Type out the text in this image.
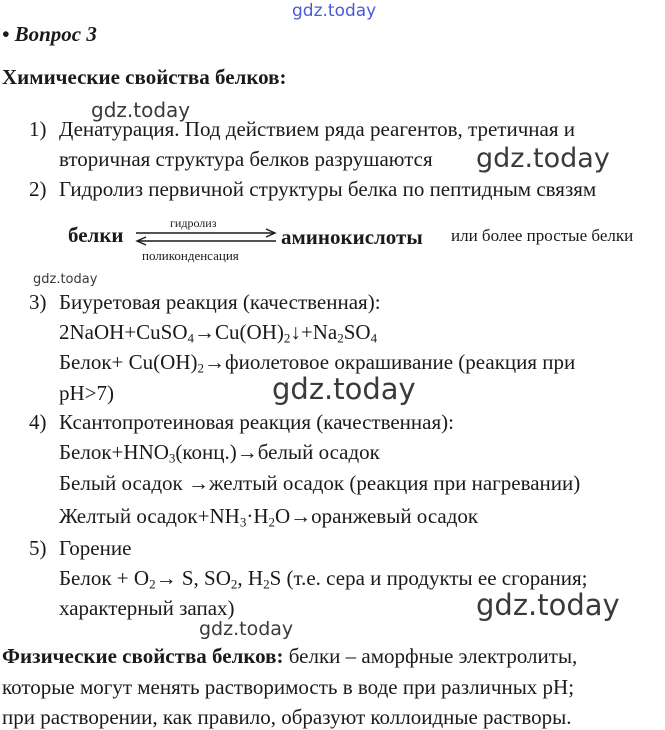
gdz.today
gdz.today
gdz.today
gdz.today
gdz.today
gdz.today
gdz.today
• Вопрос 3
Химические свойства белков:
1) Денатурация. Под действием ряда реагентов, третичная и
вторичная структура белков разрушаются
2) Гидролиз первичной структуры белка по пептидным связям
белки	гидролиз
поликонденсация
аминокислоты или более простые белки
3) Биуретовая реакция (качественная):
$2NaOH+CuSO_4\to Cu(OH)_2↓+Na_2SO_4$
Белок+ $Cu(OH)_2\to фиолетовое$ окрашивание (реакция при
pH>7)
4) Ксантопротеиновая реакция (качественная):
$Белок+HNO_3(конц.)\to белый$ осадок
Белый осадок →желтый осадок (реакция при нагревании)
Желтый $осадок+NH_3\cdot H_2O\to оранжевый$ осадок
5) Горение
Белок + $O_2\to S$, $SO_2$, $H_2S$ (т.е. сера и продукты ее сгорания;
характерный запах)
Физические свойства белков: белки – аморфные электролиты,
которые могут менять растворимость в воде при различных pH;
при растворении, как правило, образуют коллоидные растворы.
